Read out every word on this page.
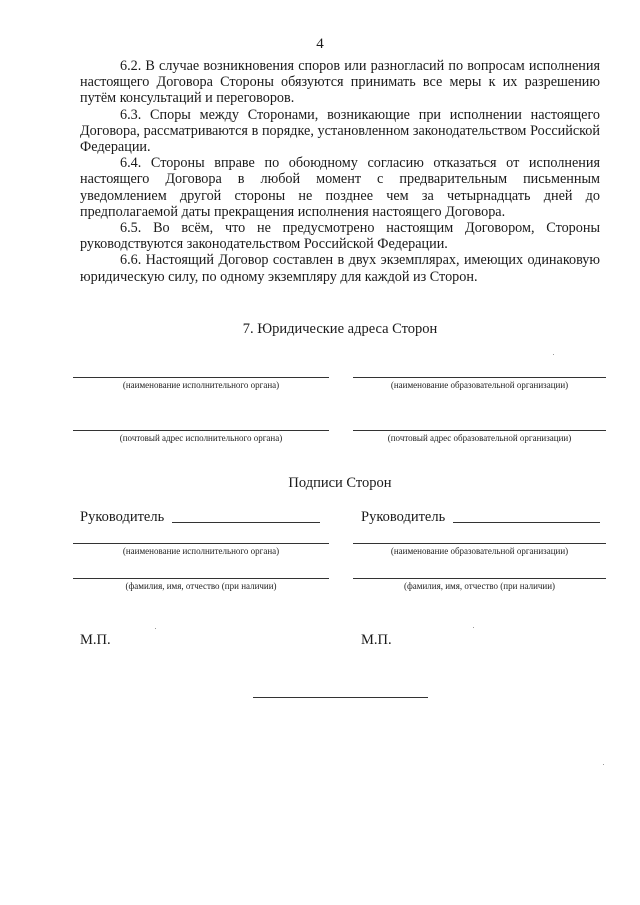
4

6.2. В случае возникновения споров или разногласий по вопросам исполнения настоящего Договора Стороны обязуются принимать все меры к их разрешению путём консультаций и переговоров.

6.3. Споры между Сторонами, возникающие при исполнении настоящего Договора, рассматриваются в порядке, установленном законодательством Российской Федерации.

6.4. Стороны вправе по обоюдному согласию отказаться от исполнения настоящего Договора в любой момент с предварительным письменным уведомлением другой стороны не позднее чем за четырнадцать дней до предполагаемой даты прекращения исполнения настоящего Договора.

6.5. Во всём, что не предусмотрено настоящим Договором, Стороны руководствуются законодательством Российской Федерации.

6.6. Настоящий Договор составлен в двух экземплярах, имеющих одинаковую юридическую силу, по одному экземпляру для каждой из Сторон.

7. Юридические адреса Сторон
(наименование исполнительного органа)	(наименование образовательной организации)
(почтовый адрес исполнительного органа)	(почтовый адрес образовательной организации)
Подписи Сторон
Руководитель	Руководитель
(наименование исполнительного органа)	(наименование образовательной организации)
(фамилия, имя, отчество (при наличии)	(фамилия, имя, отчество (при наличии)
М.П.	М.П.
